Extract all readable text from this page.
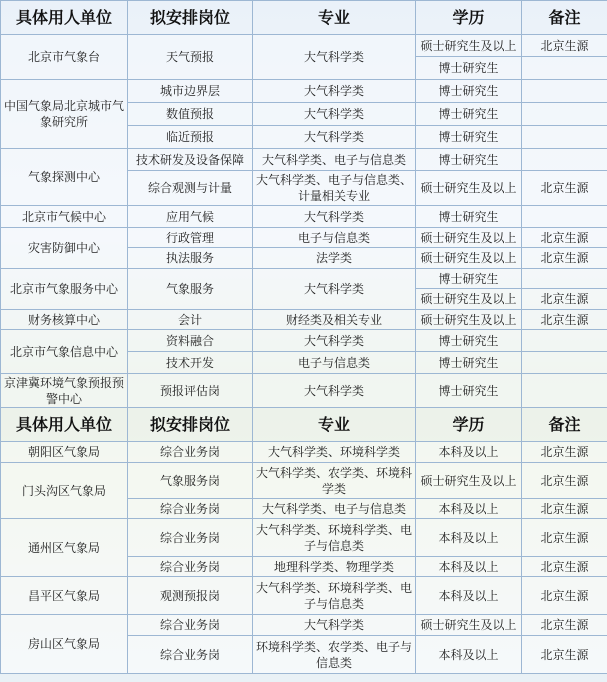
具体用人单位	拟安排岗位	专业	学历	备注
北京市气象台	天气预报	大气科学类	硕士研究生及以上	北京生源
			博士研究生	
中国气象局北京城市气象研究所	城市边界层	大气科学类	博士研究生	
	数值预报	大气科学类	博士研究生	
	临近预报	大气科学类	博士研究生	
气象探测中心	技术研发及设备保障	大气科学类、电子与信息类	博士研究生	
	综合观测与计量	大气科学类、电子与信息类、计量相关专业	硕士研究生及以上	北京生源
北京市气候中心	应用气候	大气科学类	博士研究生	
灾害防御中心	行政管理	电子与信息类	硕士研究生及以上	北京生源
	执法服务	法学类	硕士研究生及以上	北京生源
北京市气象服务中心	气象服务	大气科学类	博士研究生	
			硕士研究生及以上	北京生源
财务核算中心	会计	财经类及相关专业	硕士研究生及以上	北京生源
北京市气象信息中心	资料融合	大气科学类	博士研究生	
	技术开发	电子与信息类	博士研究生	
京津冀环境气象预报预警中心	预报评估岗	大气科学类	博士研究生	
具体用人单位	拟安排岗位	专业	学历	备注
朝阳区气象局	综合业务岗	大气科学类、环境科学类	本科及以上	北京生源
门头沟区气象局	气象服务岗	大气科学类、农学类、环境科学类	硕士研究生及以上	北京生源
	综合业务岗	大气科学类、电子与信息类	本科及以上	北京生源
通州区气象局	综合业务岗	大气科学类、环境科学类、电子与信息类	本科及以上	北京生源
	综合业务岗	地理科学类、物理学类	本科及以上	北京生源
昌平区气象局	观测预报岗	大气科学类、环境科学类、电子与信息类	本科及以上	北京生源
房山区气象局	综合业务岗	大气科学类	硕士研究生及以上	北京生源
	综合业务岗	环境科学类、农学类、电子与信息类	本科及以上	北京生源
